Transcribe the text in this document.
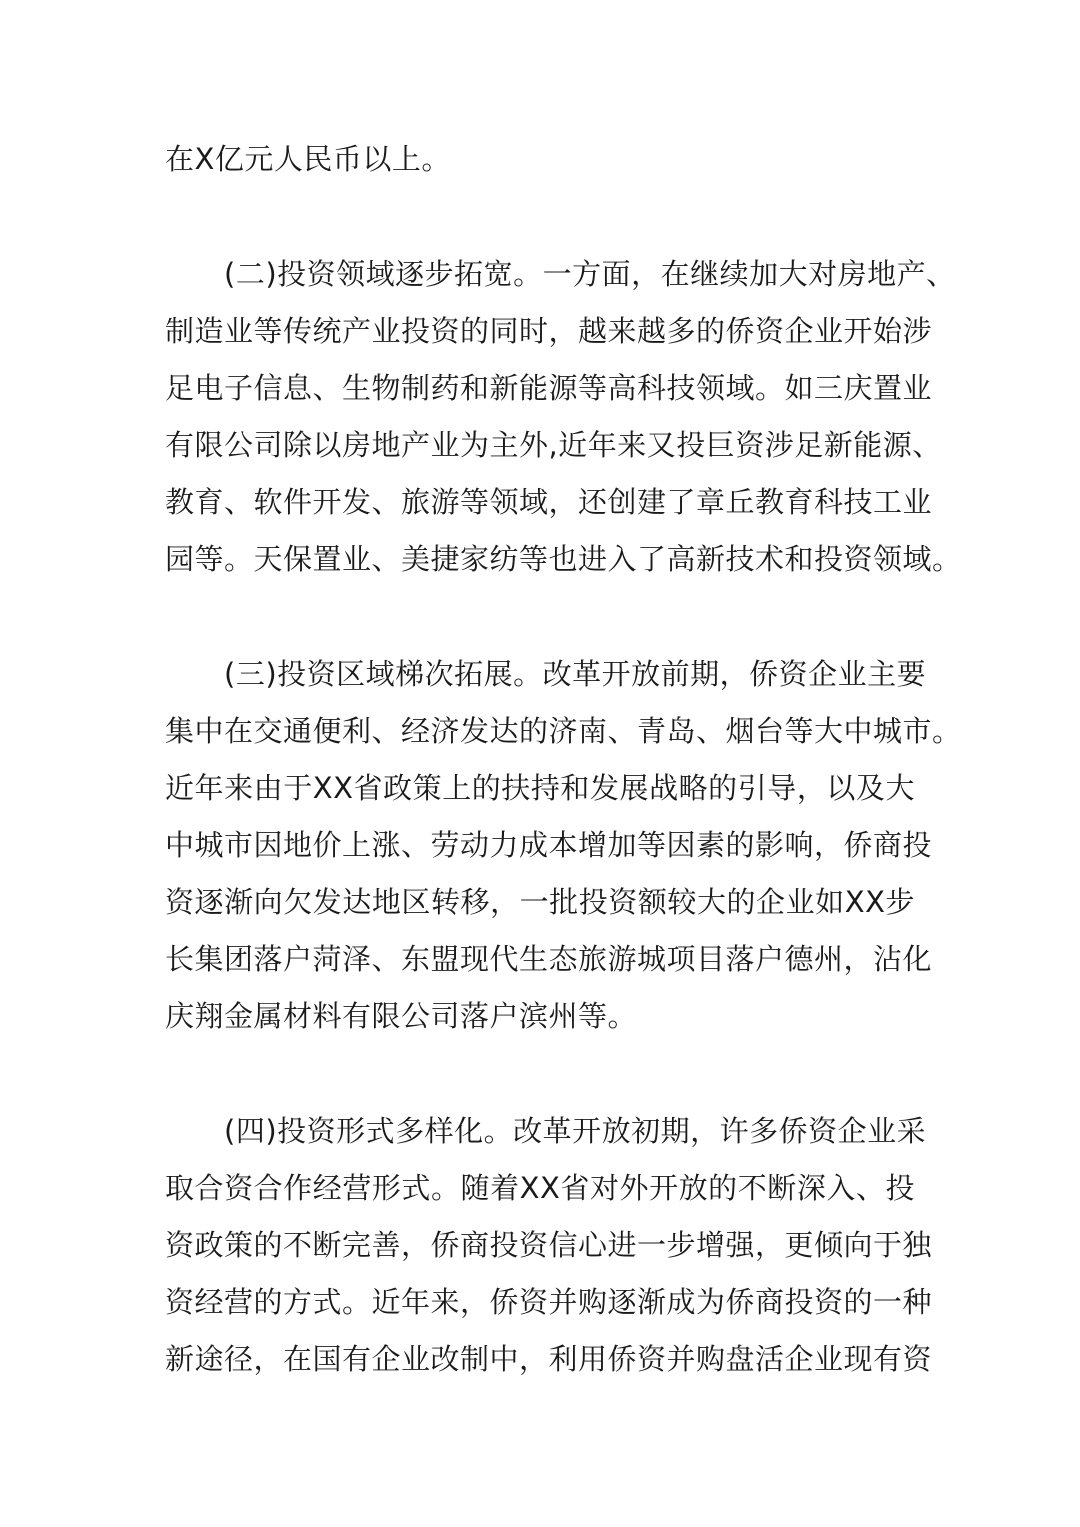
在X亿元人民币以上。
　　(二)投资领域逐步拓宽。一方面，在继续加大对房地产、
制造业等传统产业投资的同时，越来越多的侨资企业开始涉
足电子信息、生物制药和新能源等高科技领域。如三庆置业
有限公司除以房地产业为主外,近年来又投巨资涉足新能源、
教育、软件开发、旅游等领域，还创建了章丘教育科技工业
园等。天保置业、美捷家纺等也进入了高新技术和投资领域。
　　(三)投资区域梯次拓展。改革开放前期，侨资企业主要
集中在交通便利、经济发达的济南、青岛、烟台等大中城市。
近年来由于XX省政策上的扶持和发展战略的引导，以及大
中城市因地价上涨、劳动力成本增加等因素的影响，侨商投
资逐渐向欠发达地区转移，一批投资额较大的企业如XX步
长集团落户菏泽、东盟现代生态旅游城项目落户德州，沾化
庆翔金属材料有限公司落户滨州等。
　　(四)投资形式多样化。改革开放初期，许多侨资企业采
取合资合作经营形式。随着XX省对外开放的不断深入、投
资政策的不断完善，侨商投资信心进一步增强，更倾向于独
资经营的方式。近年来，侨资并购逐渐成为侨商投资的一种
新途径，在国有企业改制中，利用侨资并购盘活企业现有资
